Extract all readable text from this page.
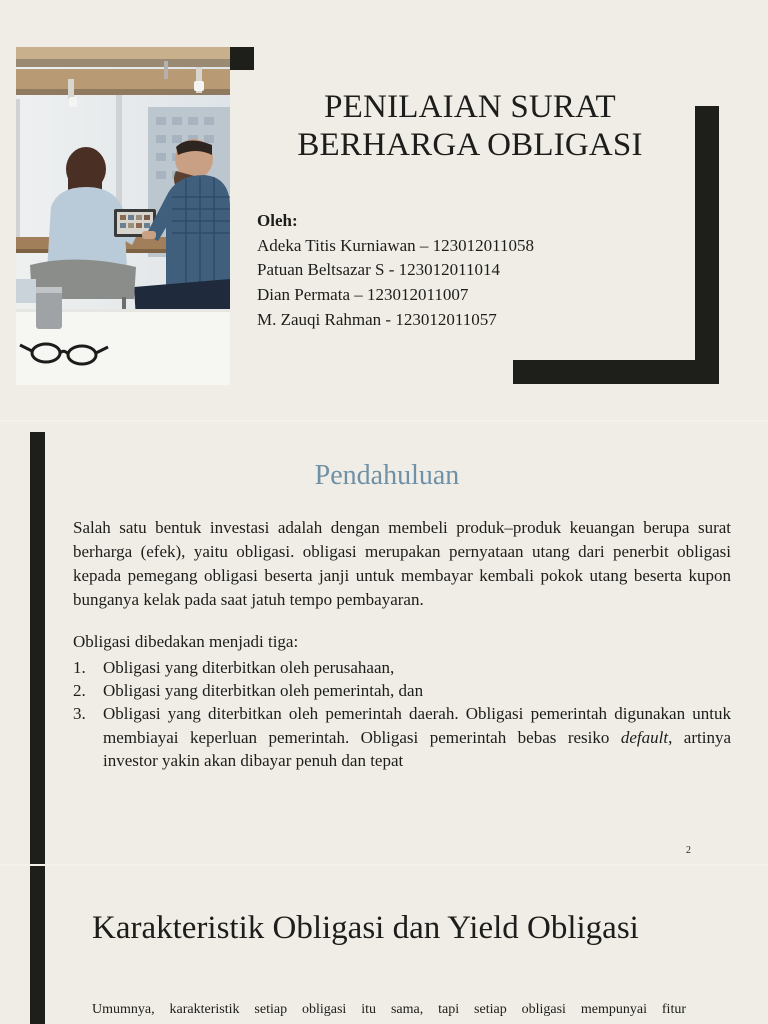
PENILAIAN SURAT
BERHARGA OBLIGASI
Oleh:
Adeka Titis Kurniawan – 123012011058
Patuan Beltsazar S - 123012011014
Dian Permata – 123012011007
M. Zauqi Rahman - 123012011057
Pendahuluan
Salah satu bentuk investasi adalah dengan membeli produk–produk keuangan berupa surat berharga (efek), yaitu obligasi. obligasi merupakan pernyataan utang dari penerbit obligasi kepada pemegang obligasi beserta janji untuk membayar kembali pokok utang beserta kupon bunganya kelak pada saat jatuh tempo pembayaran.
Obligasi dibedakan menjadi tiga:
1. Obligasi yang diterbitkan oleh perusahaan,
2. Obligasi yang diterbitkan oleh pemerintah, dan
3. Obligasi yang diterbitkan oleh pemerintah daerah. Obligasi pemerintah digunakan untuk membiayai keperluan pemerintah. Obligasi pemerintah bebas resiko default, artinya investor yakin akan dibayar penuh dan tepat
2
Karakteristik Obligasi dan Yield Obligasi
Umumnya, karakteristik setiap obligasi itu sama, tapi setiap obligasi mempunyai fitur
